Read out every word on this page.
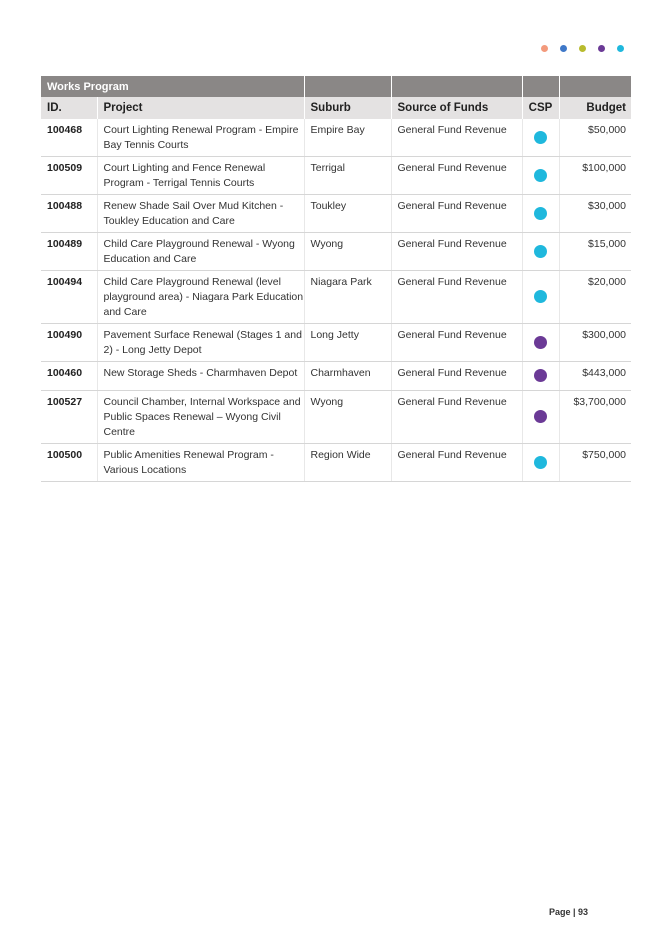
Works Program					
ID.	Project	Suburb	Source of Funds	CSP	Budget
100468	Court Lighting Renewal Program - Empire Bay Tennis Courts	Empire Bay	General Fund Revenue		$50,000
100509	Court Lighting and Fence Renewal Program - Terrigal Tennis Courts	Terrigal	General Fund Revenue		$100,000
100488	Renew Shade Sail Over Mud Kitchen - Toukley Education and Care	Toukley	General Fund Revenue		$30,000
100489	Child Care Playground Renewal - Wyong Education and Care	Wyong	General Fund Revenue		$15,000
100494	Child Care Playground Renewal (level playground area) - Niagara Park Education and Care	Niagara Park	General Fund Revenue		$20,000
100490	Pavement Surface Renewal (Stages 1 and 2) - Long Jetty Depot	Long Jetty	General Fund Revenue		$300,000
100460	New Storage Sheds - Charmhaven Depot	Charmhaven	General Fund Revenue		$443,000
100527	Council Chamber, Internal Workspace and Public Spaces Renewal – Wyong Civil Centre	Wyong	General Fund Revenue		$3,700,000
100500	Public Amenities Renewal Program - Various Locations	Region Wide	General Fund Revenue		$750,000
Page | 93
